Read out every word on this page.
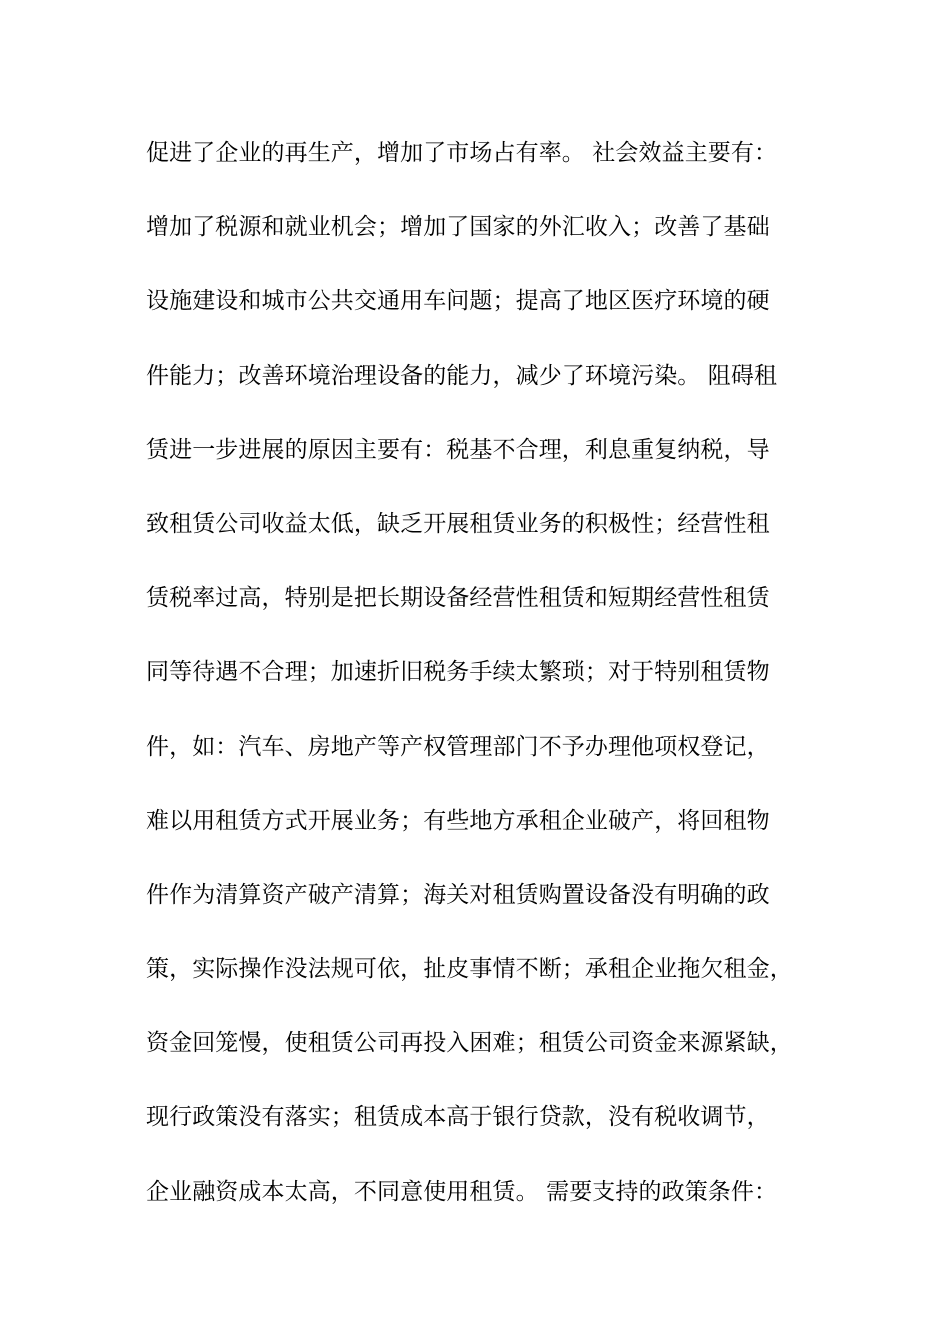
促进了企业的再生产，增加了市场占有率。 社会效益主要有：
增加了税源和就业机会；增加了国家的外汇收入；改善了基础
设施建设和城市公共交通用车问题；提高了地区医疗环境的硬
件能力；改善环境治理设备的能力，减少了环境污染。 阻碍租
赁进一步进展的原因主要有：税基不合理，利息重复纳税，导
致租赁公司收益太低，缺乏开展租赁业务的积极性；经营性租
赁税率过高，特别是把长期设备经营性租赁和短期经营性租赁
同等待遇不合理；加速折旧税务手续太繁琐；对于特别租赁物
件，如：汽车、房地产等产权管理部门不予办理他项权登记，
难以用租赁方式开展业务；有些地方承租企业破产，将回租物
件作为清算资产破产清算；海关对租赁购置设备没有明确的政
策，实际操作没法规可依，扯皮事情不断；承租企业拖欠租金，
资金回笼慢，使租赁公司再投入困难；租赁公司资金来源紧缺，
现行政策没有落实；租赁成本高于银行贷款，没有税收调节，
企业融资成本太高，不同意使用租赁。 需要支持的政策条件：
